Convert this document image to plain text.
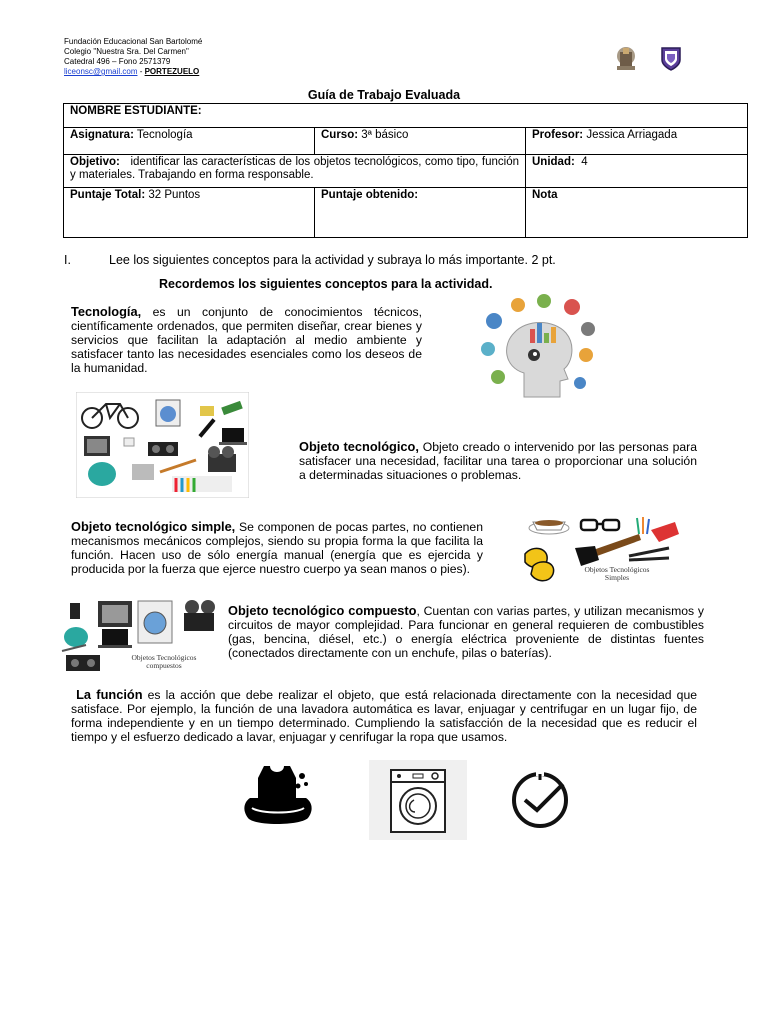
Fundación Educacional San Bartolomé
Colegio "Nuestra Sra. Del Carmen"
Catedral 496 – Fono 2571379
liceonsc@gmail.com - PORTEZUELO
Guía de Trabajo Evaluada
NOMBRE ESTUDIANTE:		
Asignatura: Tecnología	Curso: 3ª básico	Profesor: Jessica Arriagada
Objetivo: identificar las características de los objetos tecnológicos, como tipo, función y materiales. Trabajando en forma responsable.		Unidad: 4
Puntaje Total: 32 Puntos	Puntaje obtenido:	Nota
I.	Lee los siguientes conceptos para la actividad y subraya lo más importante. 2 pt.
Recordemos los siguientes conceptos para la actividad.
Tecnología, es un conjunto de conocimientos técnicos, científicamente ordenados, que permiten diseñar, crear bienes y servicios que facilitan la adaptación al medio ambiente y satisfacer tanto las necesidades esenciales como los deseos de la humanidad.
Objeto tecnológico, Objeto creado o intervenido por las personas para satisfacer una necesidad, facilitar una tarea o proporcionar una solución a determinadas situaciones o problemas.
Objeto tecnológico simple, Se componen de pocas partes, no contienen mecanismos mecánicos complejos, siendo su propia forma la que facilita la función. Hacen uso de sólo energía manual (energía que es ejercida y producida por la fuerza que ejerce nuestro cuerpo ya sean manos o pies).	Objetos Tecnológicos
Simples
Objetos Tecnológicos
compuestos
Objeto tecnológico compuesto, Cuentan con varias partes, y utilizan mecanismos y circuitos de mayor complejidad. Para funcionar en general requieren de combustibles (gas, bencina, diésel, etc.) o energía eléctrica proveniente de distintas fuentes (conectados directamente con un enchufe, pilas o baterías).
La función es la acción que debe realizar el objeto, que está relacionada directamente con la necesidad que satisface. Por ejemplo, la función de una lavadora automática es lavar, enjuagar y centrifugar en un lugar fijo, de forma independiente y en un tiempo determinado. Cumpliendo la satisfacción de la necesidad que es reducir el tiempo y el esfuerzo dedicado a lavar, enjuagar y cenrifugar la ropa que usamos.
